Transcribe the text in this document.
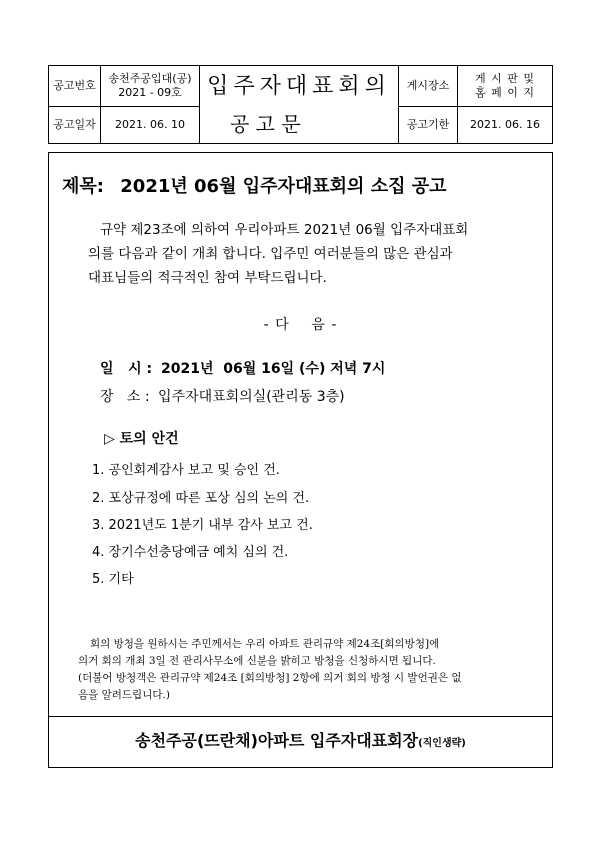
공고번호
송천주공입대(공)
2021 - 09호
공고일자	2021. 06. 10
입주자대표회의
공 고 문
게시장소
게 시 판 및
홈 페 이 지
공고기한	2021. 06. 16
제목: 2021년 06월 입주자대표회의 소집 공고
규약 제23조에 의하여 우리아파트 2021년 06월 입주자대표회
의를 다음과 같이 개최 합니다. 입주민 여러분들의 많은 관심과
대표님들의 적극적인 참여 부탁드립니다.
- 다    음 -
일   시 : 2021년  06월 16일 (수) 저녁 7시
장   소 : 입주자대표회의실(관리동 3층)
▷ 토의 안건
1. 공인회계감사 보고 및 승인 건.
2. 포상규정에 따른 포상 심의 논의 건.
3. 2021년도 1분기 내부 감사 보고 건.
4. 장기수선충당예금 예치 심의 건.
5. 기타
회의 방청을 원하시는 주민께서는 우리 아파트 관리규약 제24조[회의방청]에
의거 회의 개최 3일 전 관리사무소에 신분을 밝히고 방청을 신청하시면 됩니다.
(더불어 방청객은 관리규약 제24조 [회의방청] 2항에 의거 회의 방청 시 발언권은 없
음을 알려드립니다.)
송천주공(뜨란채)아파트 입주자대표회장(직인생략)
